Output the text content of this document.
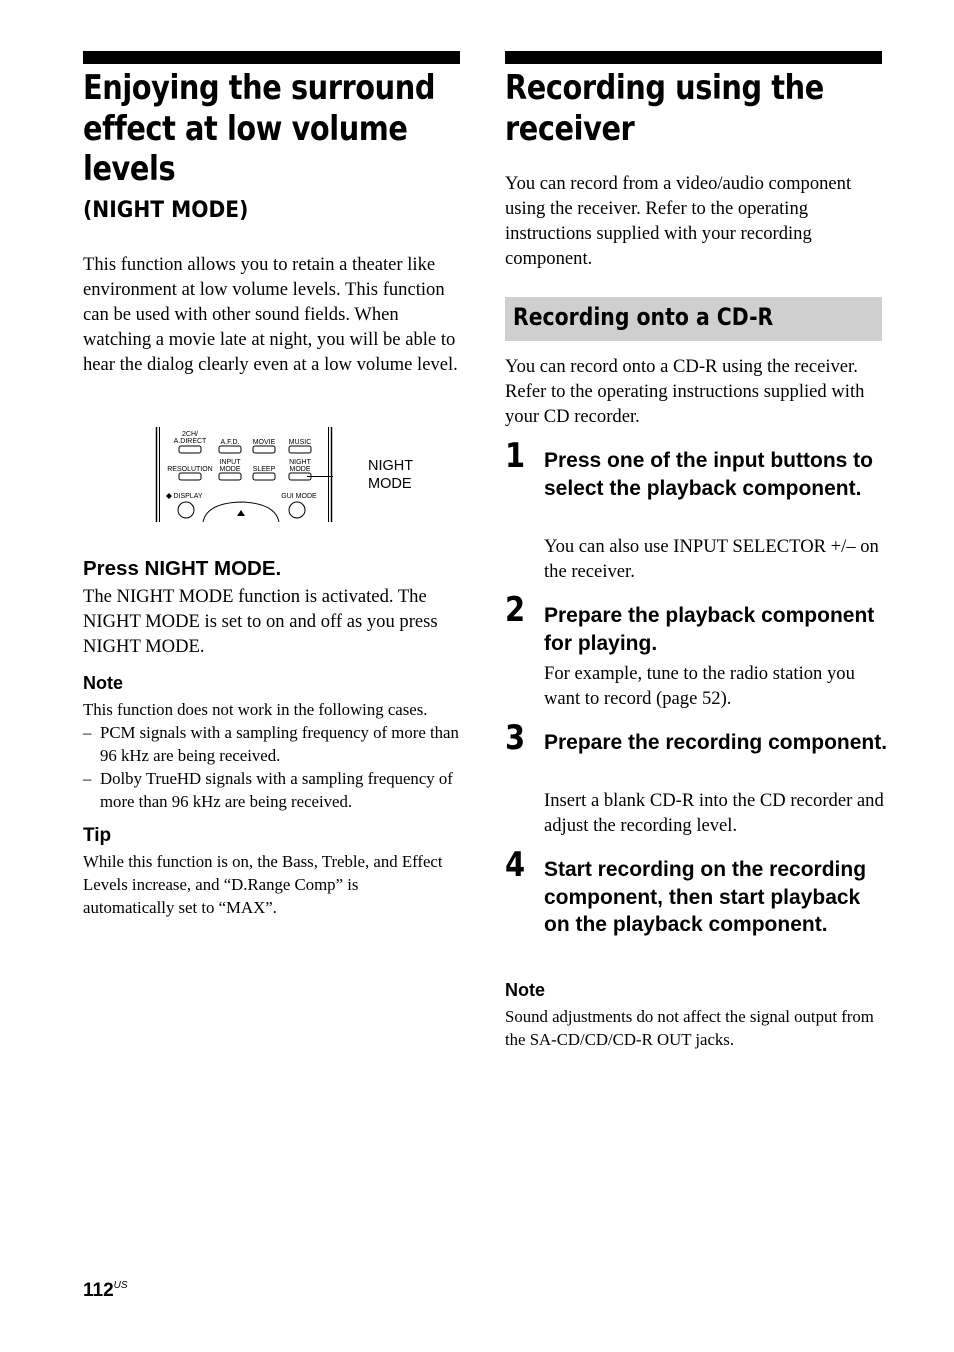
Enjoying the surround effect at low volume levels
(NIGHT MODE)

This function allows you to retain a theater like environment at low volume levels. This function can be used with other sound fields. When watching a movie late at night, you will be able to hear the dialog clearly even at a low volume level.

2CH/
A.DIRECT A.F.D. MOVIE MUSIC
RESOLUTION
INPUT
MODE SLEEP
NIGHT
MODE
DISPLAY	GUI MODE
NIGHT
MODE
Press NIGHT MODE.

The NIGHT MODE function is activated. The NIGHT MODE is set to on and off as you press NIGHT MODE.

Note
This function does not work in the following cases.
– PCM signals with a sampling frequency of more than 96 kHz are being received.
– Dolby TrueHD signals with a sampling frequency of more than 96 kHz are being received.
Tip

While this function is on, the Bass, Treble, and Effect Levels increase, and “D.Range Comp” is automatically set to “MAX”.

Recording using the receiver

You can record from a video/audio component using the receiver. Refer to the operating instructions supplied with your recording component.

Recording onto a CD-R

You can record onto a CD-R using the receiver. Refer to the operating instructions supplied with your CD recorder.

1 Press one of the input buttons to select the playback component.
You can also use INPUT SELECTOR +/– on the receiver.
2 Prepare the playback component for playing.
For example, tune to the radio station you want to record (page 52).
3 Prepare the recording component.
Insert a blank CD-R into the CD recorder and adjust the recording level.
4 Start recording on the recording component, then start playback on the playback component.
Note

Sound adjustments do not affect the signal output from the SA-CD/CD/CD-R OUT jacks.

$112^{US}$
